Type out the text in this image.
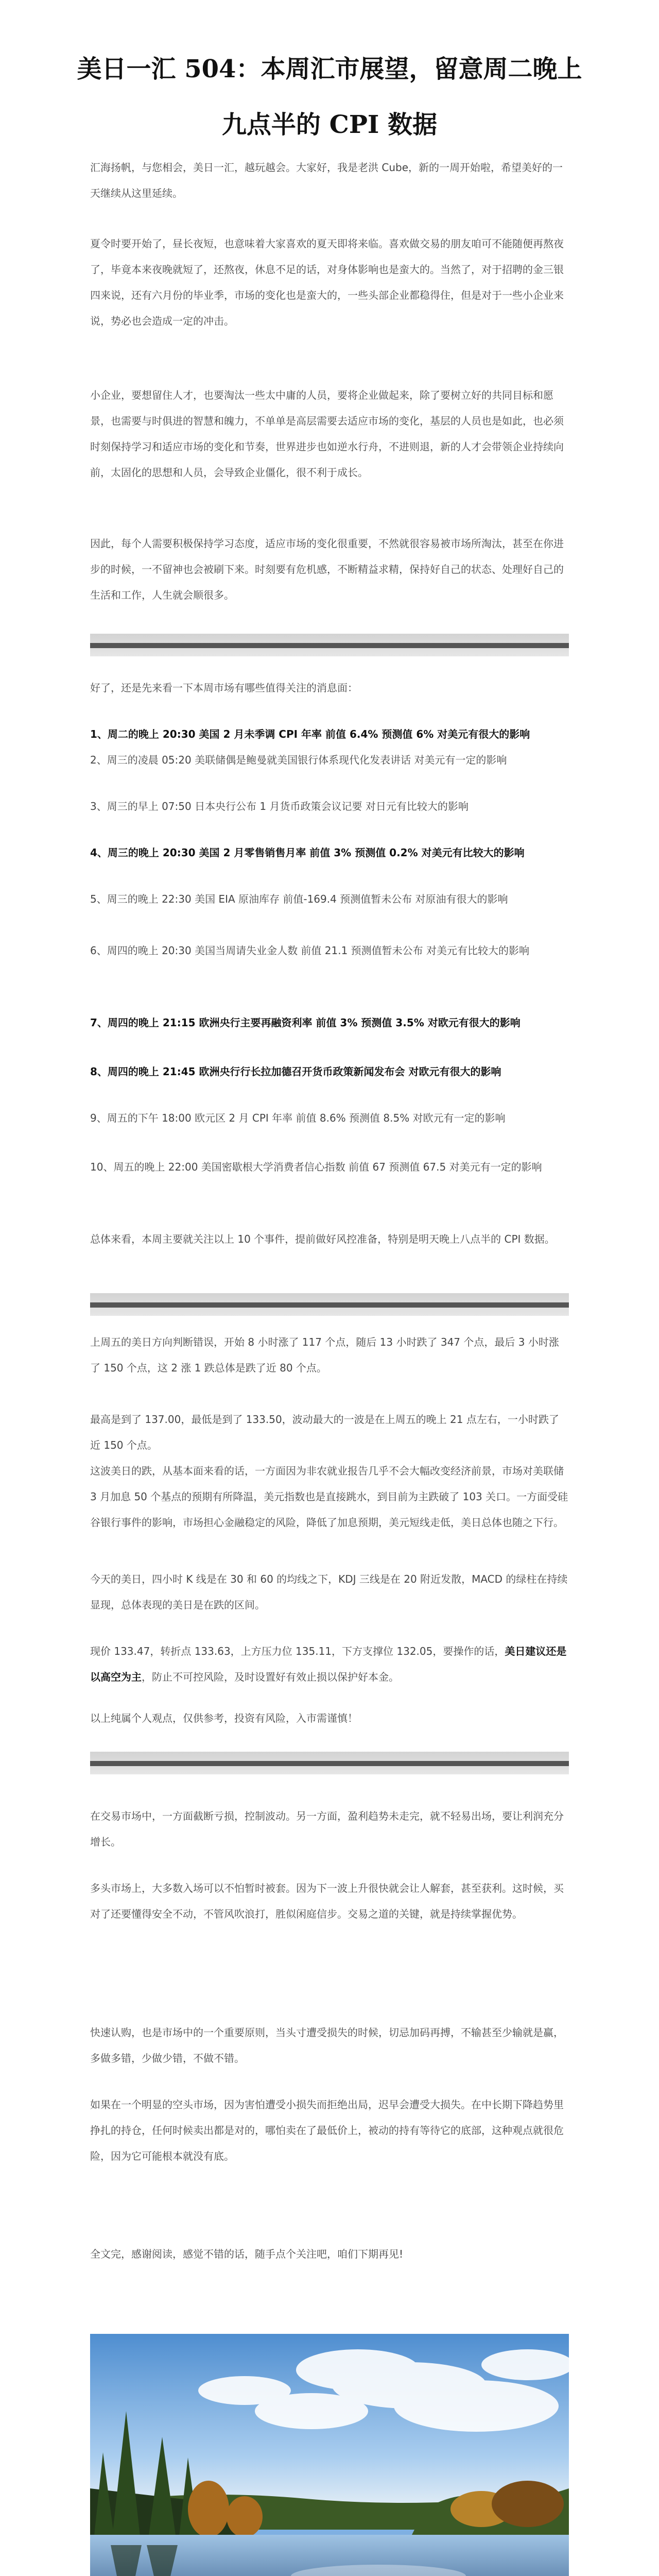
美日一汇 504：本周汇市展望，留意周二晚上九点半的 CPI 数据
汇海扬帆，与您相会，美日一汇，越玩越会。大家好，我是老洪 Cube，新的一周开始啦，希望美好的一天继续从这里延续。
夏令时要开始了，昼长夜短，也意味着大家喜欢的夏天即将来临。喜欢做交易的朋友咱可不能随便再熬夜了，毕竟本来夜晚就短了，还熬夜，休息不足的话，对身体影响也是蛮大的。当然了，对于招聘的金三银四来说，还有六月份的毕业季，市场的变化也是蛮大的，一些头部企业都稳得住，但是对于一些小企业来说，势必也会造成一定的冲击。
小企业，要想留住人才，也要淘汰一些太中庸的人员，要将企业做起来，除了要树立好的共同目标和愿景，也需要与时俱进的智慧和魄力，不单单是高层需要去适应市场的变化，基层的人员也是如此，也必须时刻保持学习和适应市场的变化和节奏，世界进步也如逆水行舟，不进则退，新的人才会带领企业持续向前，太固化的思想和人员，会导致企业僵化，很不利于成长。
因此，每个人需要积极保持学习态度，适应市场的变化很重要，不然就很容易被市场所淘汰，甚至在你进步的时候，一不留神也会被刷下来。时刻要有危机感，不断精益求精，保持好自己的状态、处理好自己的生活和工作，人生就会顺很多。
好了，还是先来看一下本周市场有哪些值得关注的消息面：
1、周二的晚上 20:30 美国 2 月未季调 CPI 年率 前值 6.4% 预测值 6% 对美元有很大的影响
2、周三的凌晨 05:20 美联储偶是鲍曼就美国银行体系现代化发表讲话 对美元有一定的影响
3、周三的早上 07:50 日本央行公布 1 月货币政策会议记要 对日元有比较大的影响
4、周三的晚上 20:30 美国 2 月零售销售月率 前值 3% 预测值 0.2% 对美元有比较大的影响
5、周三的晚上 22:30 美国 EIA 原油库存 前值-169.4 预测值暂未公布 对原油有很大的影响
6、周四的晚上 20:30 美国当周请失业金人数 前值 21.1 预测值暂未公布 对美元有比较大的影响
7、周四的晚上 21:15 欧洲央行主要再融资利率 前值 3% 预测值 3.5% 对欧元有很大的影响
8、周四的晚上 21:45 欧洲央行行长拉加德召开货币政策新闻发布会 对欧元有很大的影响
9、周五的下午 18:00 欧元区 2 月 CPI 年率 前值 8.6% 预测值 8.5% 对欧元有一定的影响
10、周五的晚上 22:00 美国密歇根大学消费者信心指数 前值 67 预测值 67.5 对美元有一定的影响
总体来看，本周主要就关注以上 10 个事件，提前做好风控准备，特别是明天晚上八点半的 CPI 数据。
上周五的美日方向判断错误，开始 8 小时涨了 117 个点，随后 13 小时跌了 347 个点，最后 3 小时涨了 150 个点，这 2 涨 1 跌总体是跌了近 80 个点。
最高是到了 137.00，最低是到了 133.50，波动最大的一波是在上周五的晚上 21 点左右，一小时跌了近 150 个点。
这波美日的跌，从基本面来看的话，一方面因为非农就业报告几乎不会大幅改变经济前景，市场对美联储 3 月加息 50 个基点的预期有所降温，美元指数也是直接跳水，到目前为主跌破了 103 关口。一方面受硅谷银行事件的影响，市场担心金融稳定的风险，降低了加息预期，美元短线走低，美日总体也随之下行。
今天的美日，四小时 K 线是在 30 和 60 的均线之下，KDJ 三线是在 20 附近发散，MACD 的绿柱在持续显现，总体表现的美日是在跌的区间。
现价 133.47，转折点 133.63，上方压力位 135.11，下方支撑位 132.05，要操作的话，美日建议还是以高空为主，防止不可控风险，及时设置好有效止损以保护好本金。
以上纯属个人观点，仅供参考，投资有风险，入市需谨慎！
在交易市场中，一方面截断亏损，控制波动。另一方面，盈利趋势未走完，就不轻易出场，要让利润充分增长。
多头市场上，大多数入场可以不怕暂时被套。因为下一波上升很快就会让人解套，甚至获利。这时候，买对了还要懂得安全不动，不管风吹浪打，胜似闲庭信步。交易之道的关键，就是持续掌握优势。
快速认购，也是市场中的一个重要原则，当头寸遭受损失的时候，切忌加码再搏，不输甚至少输就是赢，多做多错，少做少错，不做不错。
如果在一个明显的空头市场，因为害怕遭受小损失而拒绝出局，迟早会遭受大损失。在中长期下降趋势里挣扎的持仓，任何时候卖出都是对的，哪怕卖在了最低价上，被动的持有等待它的底部，这种观点就很危险，因为它可能根本就没有底。
全文完，感谢阅读，感觉不错的话，随手点个关注吧，咱们下期再见!
